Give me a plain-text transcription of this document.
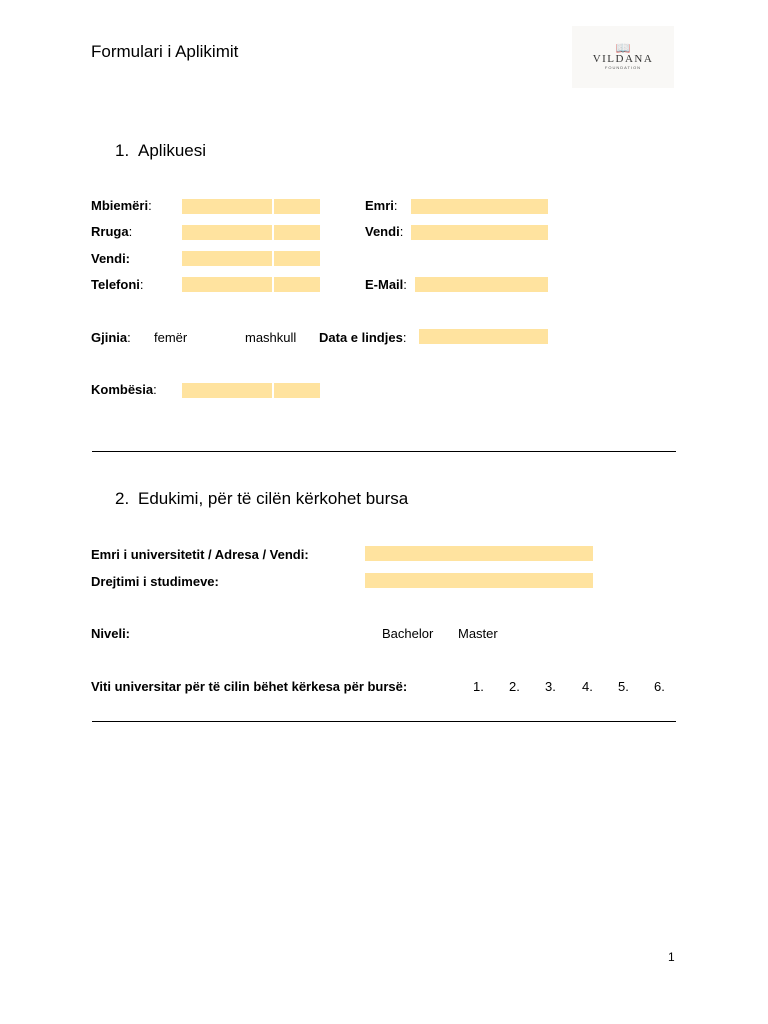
Formulari i Aplikimit	📖
VILDANA
FOUNDATION
1. Aplikuesi
Mbiemëri:	Emri:
Rruga:	Vendi:
Vendi:
Telefoni:	E-Mail:
Gjinia: femër	mashkull Data e lindjes:
Kombësia:
2. Edukimi, për të cilën kërkohet bursa
Emri i universitetit / Adresa / Vendi:
Drejtimi i studimeve:
Niveli:	Bachelor Master
Viti universitar për të cilin bëhet kërkesa për bursë:	1. 2. 3. 4. 5. 6.
1
